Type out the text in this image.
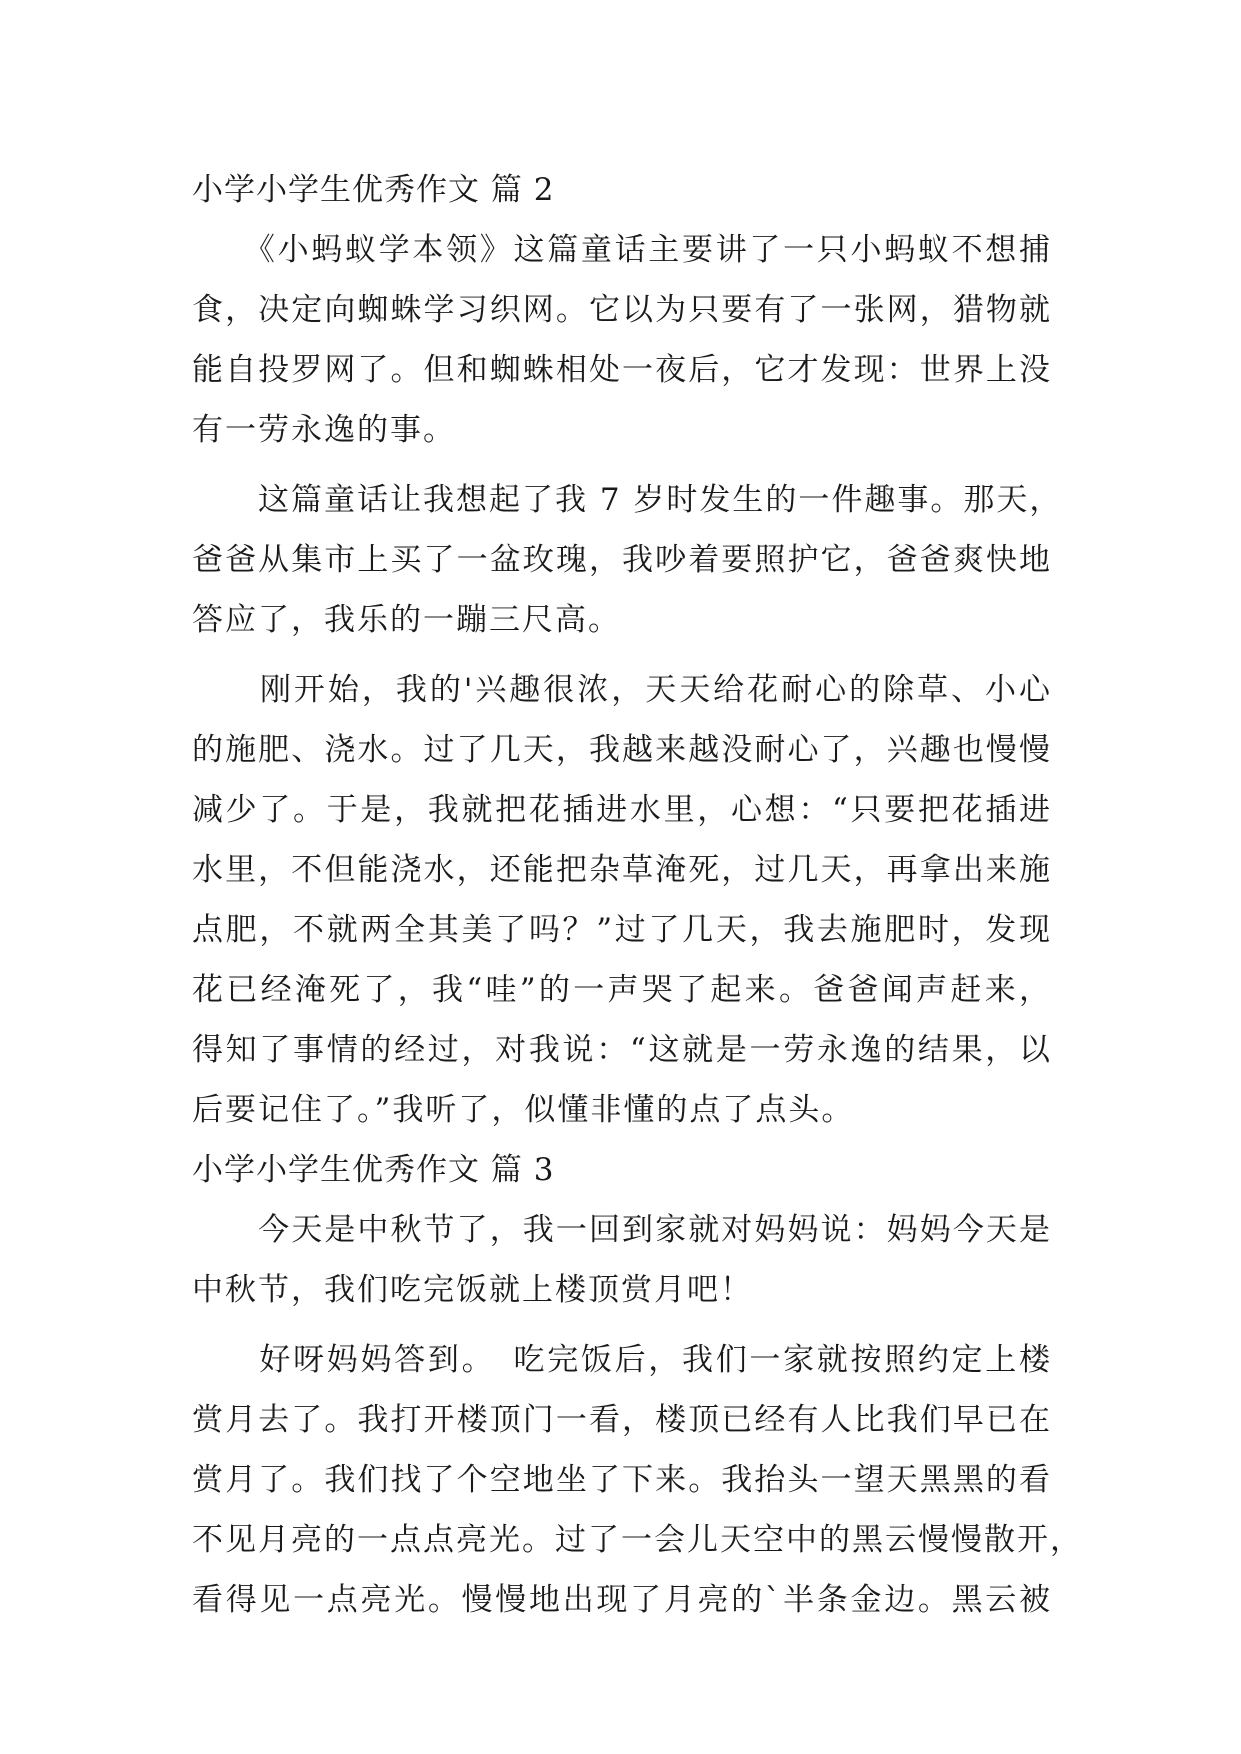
小学小学生优秀作文 篇 2
　　《小蚂蚁学本领》这篇童话主要讲了一只小蚂蚁不想捕
食，决定向蜘蛛学习织网。它以为只要有了一张网，猎物就
能自投罗网了。但和蜘蛛相处一夜后，它才发现：世界上没
有一劳永逸的事。
　　这篇童话让我想起了我 7 岁时发生的一件趣事。那天，
爸爸从集市上买了一盆玫瑰，我吵着要照护它，爸爸爽快地
答应了，我乐的一蹦三尺高。
　　刚开始，我的'兴趣很浓，天天给花耐心的除草、小心
的施肥、浇水。过了几天，我越来越没耐心了，兴趣也慢慢
减少了。于是，我就把花插进水里，心想：“只要把花插进
水里，不但能浇水，还能把杂草淹死，过几天，再拿出来施
点肥，不就两全其美了吗？”过了几天，我去施肥时，发现
花已经淹死了，我“哇”的一声哭了起来。爸爸闻声赶来，
得知了事情的经过，对我说：“这就是一劳永逸的结果，以
后要记住了。”我听了，似懂非懂的点了点头。
小学小学生优秀作文 篇 3
　　今天是中秋节了，我一回到家就对妈妈说：妈妈今天是
中秋节，我们吃完饭就上楼顶赏月吧！
　　好呀妈妈答到。　吃完饭后，我们一家就按照约定上楼
赏月去了。我打开楼顶门一看，楼顶已经有人比我们早已在
赏月了。我们找了个空地坐了下来。我抬头一望天黑黑的看
不见月亮的一点点亮光。过了一会儿天空中的黑云慢慢散开，
看得见一点亮光。慢慢地出现了月亮的`半条金边。黑云被
